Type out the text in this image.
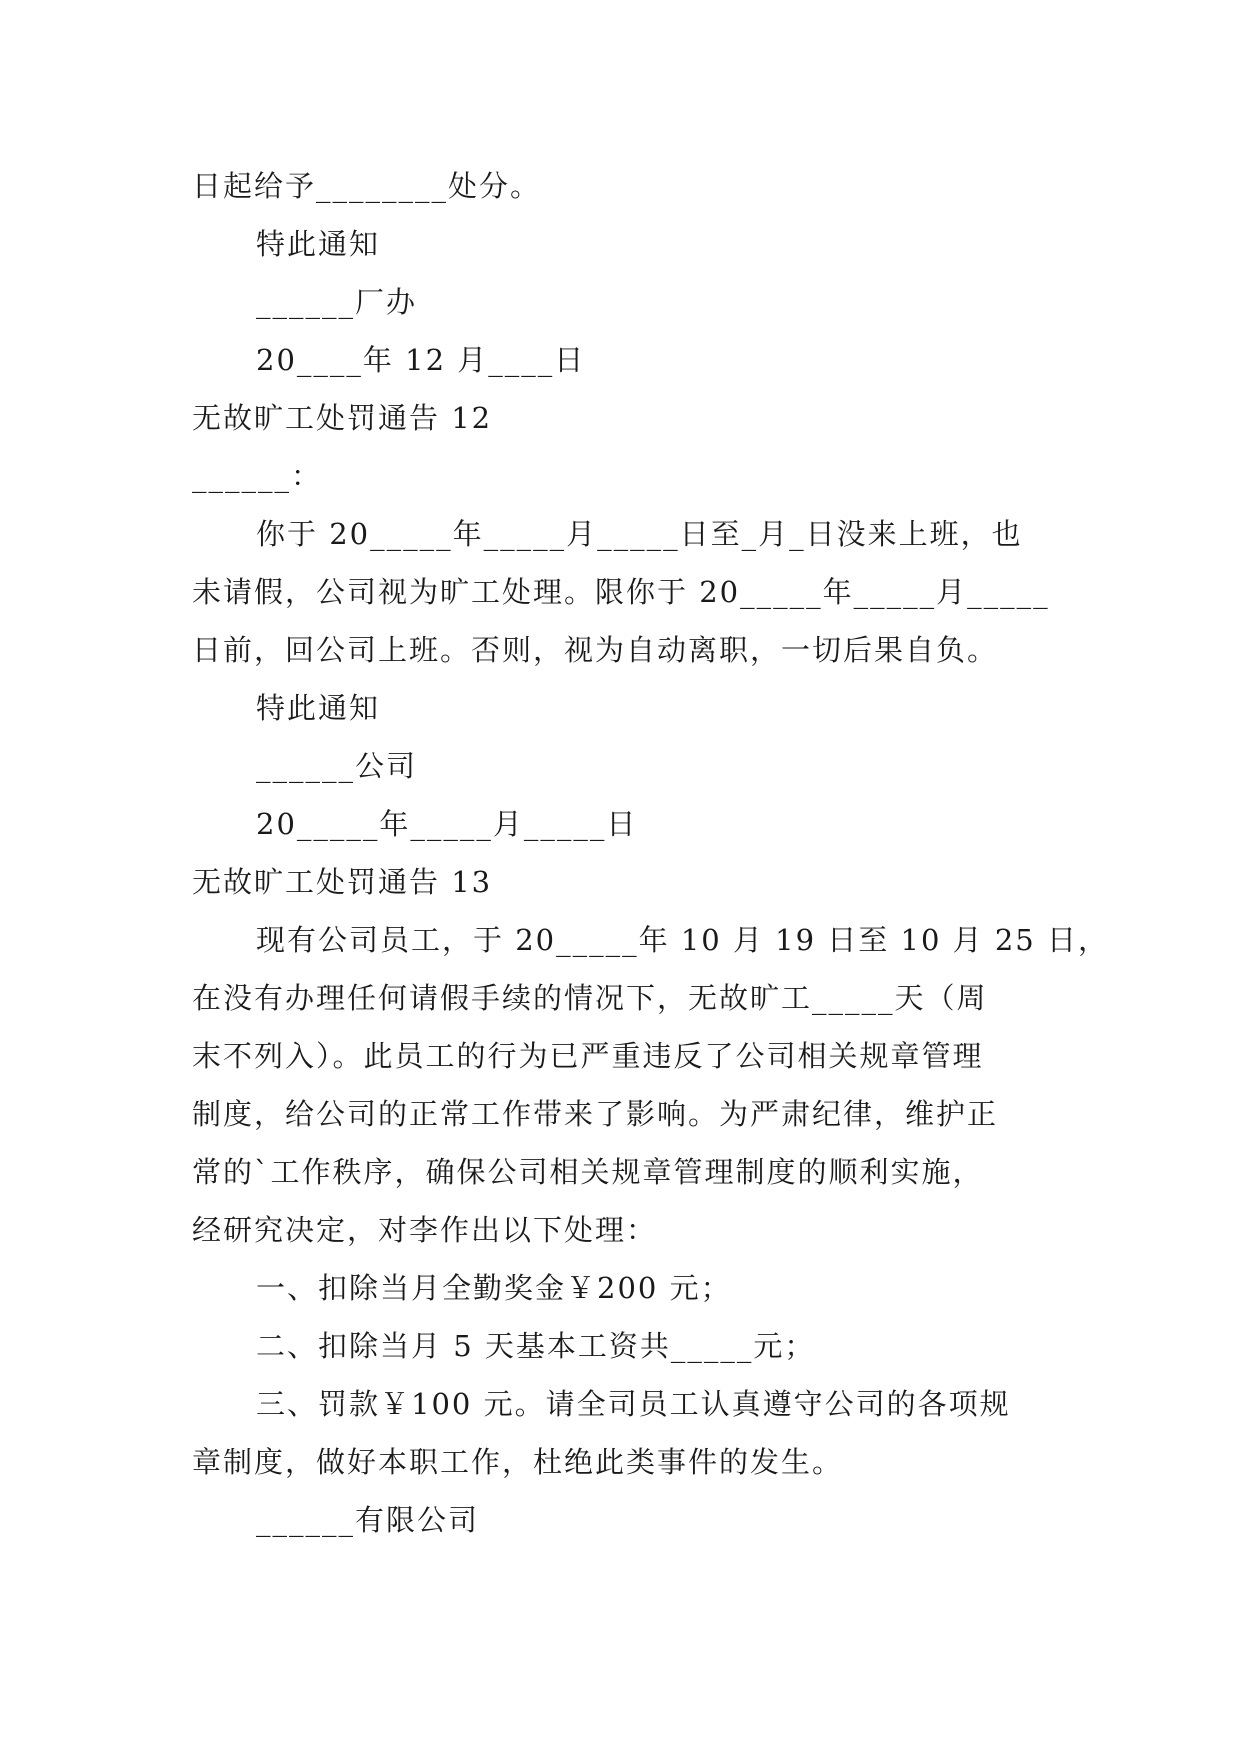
日起给予________处分。
特此通知
______厂办
20____年 12 月____日
无故旷工处罚通告 12
______：
你于 20_____年_____月_____日至_月_日没来上班，也
未请假，公司视为旷工处理。限你于 20_____年_____月_____
日前，回公司上班。否则，视为自动离职，一切后果自负。
特此通知
______公司
20_____年_____月_____日
无故旷工处罚通告 13
现有公司员工，于 20_____年 10 月 19 日至 10 月 25 日，
在没有办理任何请假手续的情况下，无故旷工_____天（周
末不列入）。此员工的行为已严重违反了公司相关规章管理
制度，给公司的正常工作带来了影响。为严肃纪律，维护正
常的`工作秩序，确保公司相关规章管理制度的顺利实施，
经研究决定，对李作出以下处理：
一、扣除当月全勤奖金￥200 元；
二、扣除当月 5 天基本工资共_____元；
三、罚款￥100 元。请全司员工认真遵守公司的各项规
章制度，做好本职工作，杜绝此类事件的发生。
______有限公司
